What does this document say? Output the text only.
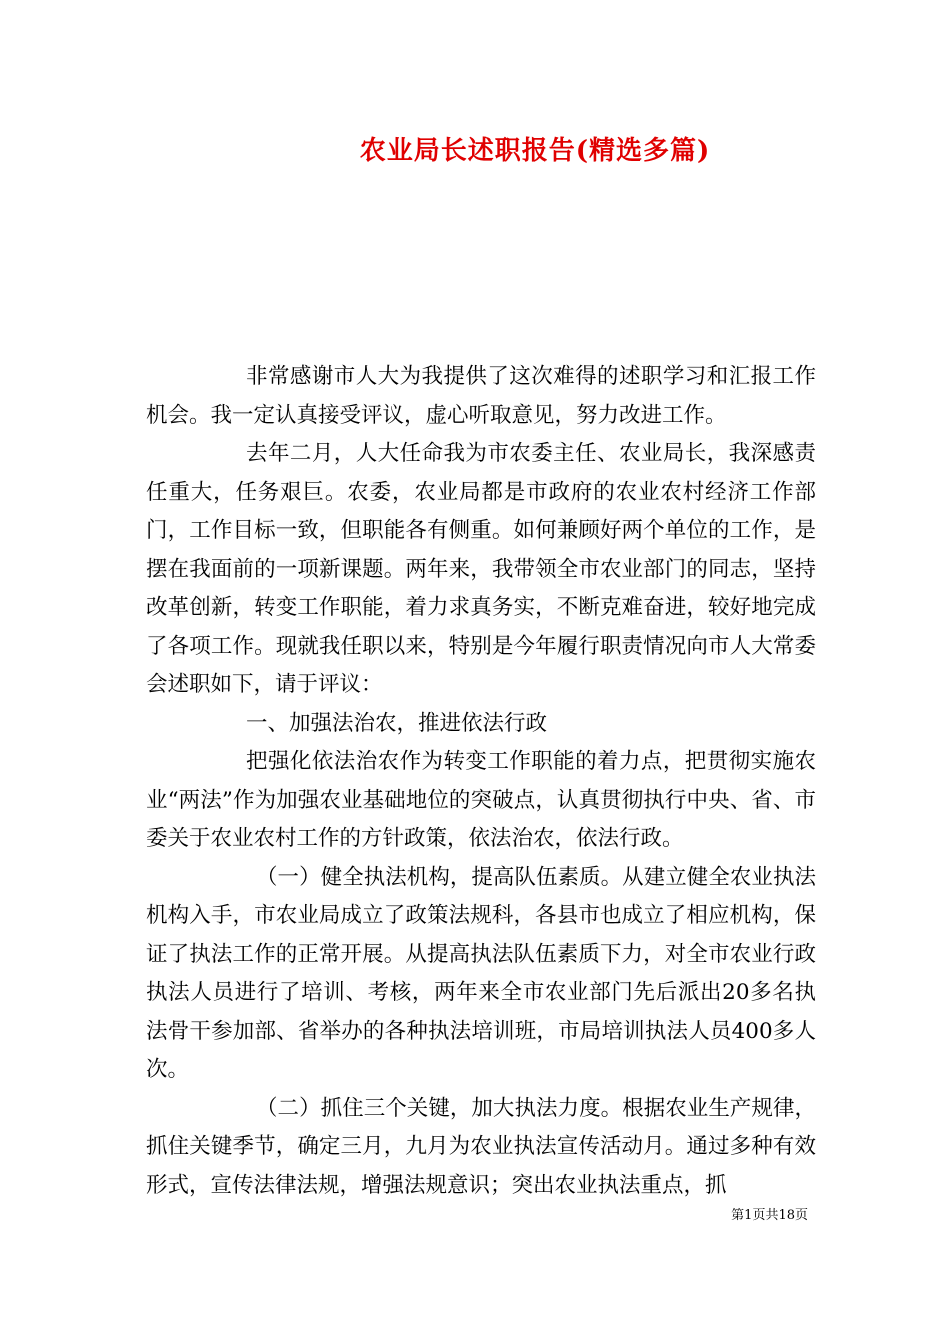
农业局长述职报告(精选多篇)

非常感谢市人大为我提供了这次难得的述职学习和汇报工作机会。我一定认真接受评议，虚心听取意见，努力改进工作。

去年二月，人大任命我为市农委主任、农业局长，我深感责任重大，任务艰巨。农委，农业局都是市政府的农业农村经济工作部门，工作目标一致，但职能各有侧重。如何兼顾好两个单位的工作，是摆在我面前的一项新课题。两年来，我带领全市农业部门的同志，坚持改革创新，转变工作职能，着力求真务实，不断克难奋进，较好地完成了各项工作。现就我任职以来，特别是今年履行职责情况向市人大常委会述职如下，请于评议：

一、加强法治农，推进依法行政

把强化依法治农作为转变工作职能的着力点，把贯彻实施农业“两法”作为加强农业基础地位的突破点，认真贯彻执行中央、省、市委关于农业农村工作的方针政策，依法治农，依法行政。

（一）健全执法机构，提高队伍素质。从建立健全农业执法机构入手，市农业局成立了政策法规科，各县市也成立了相应机构，保证了执法工作的正常开展。从提高执法队伍素质下力，对全市农业行政执法人员进行了培训、考核，两年来全市农业部门先后派出20多名执法骨干参加部、省举办的各种执法培训班，市局培训执法人员400多人次。

（二）抓住三个关键，加大执法力度。根据农业生产规律，抓住关键季节，确定三月，九月为农业执法宣传活动月。通过多种有效形式，宣传法律法规，增强法规意识；突出农业执法重点，抓

第1页共18页
